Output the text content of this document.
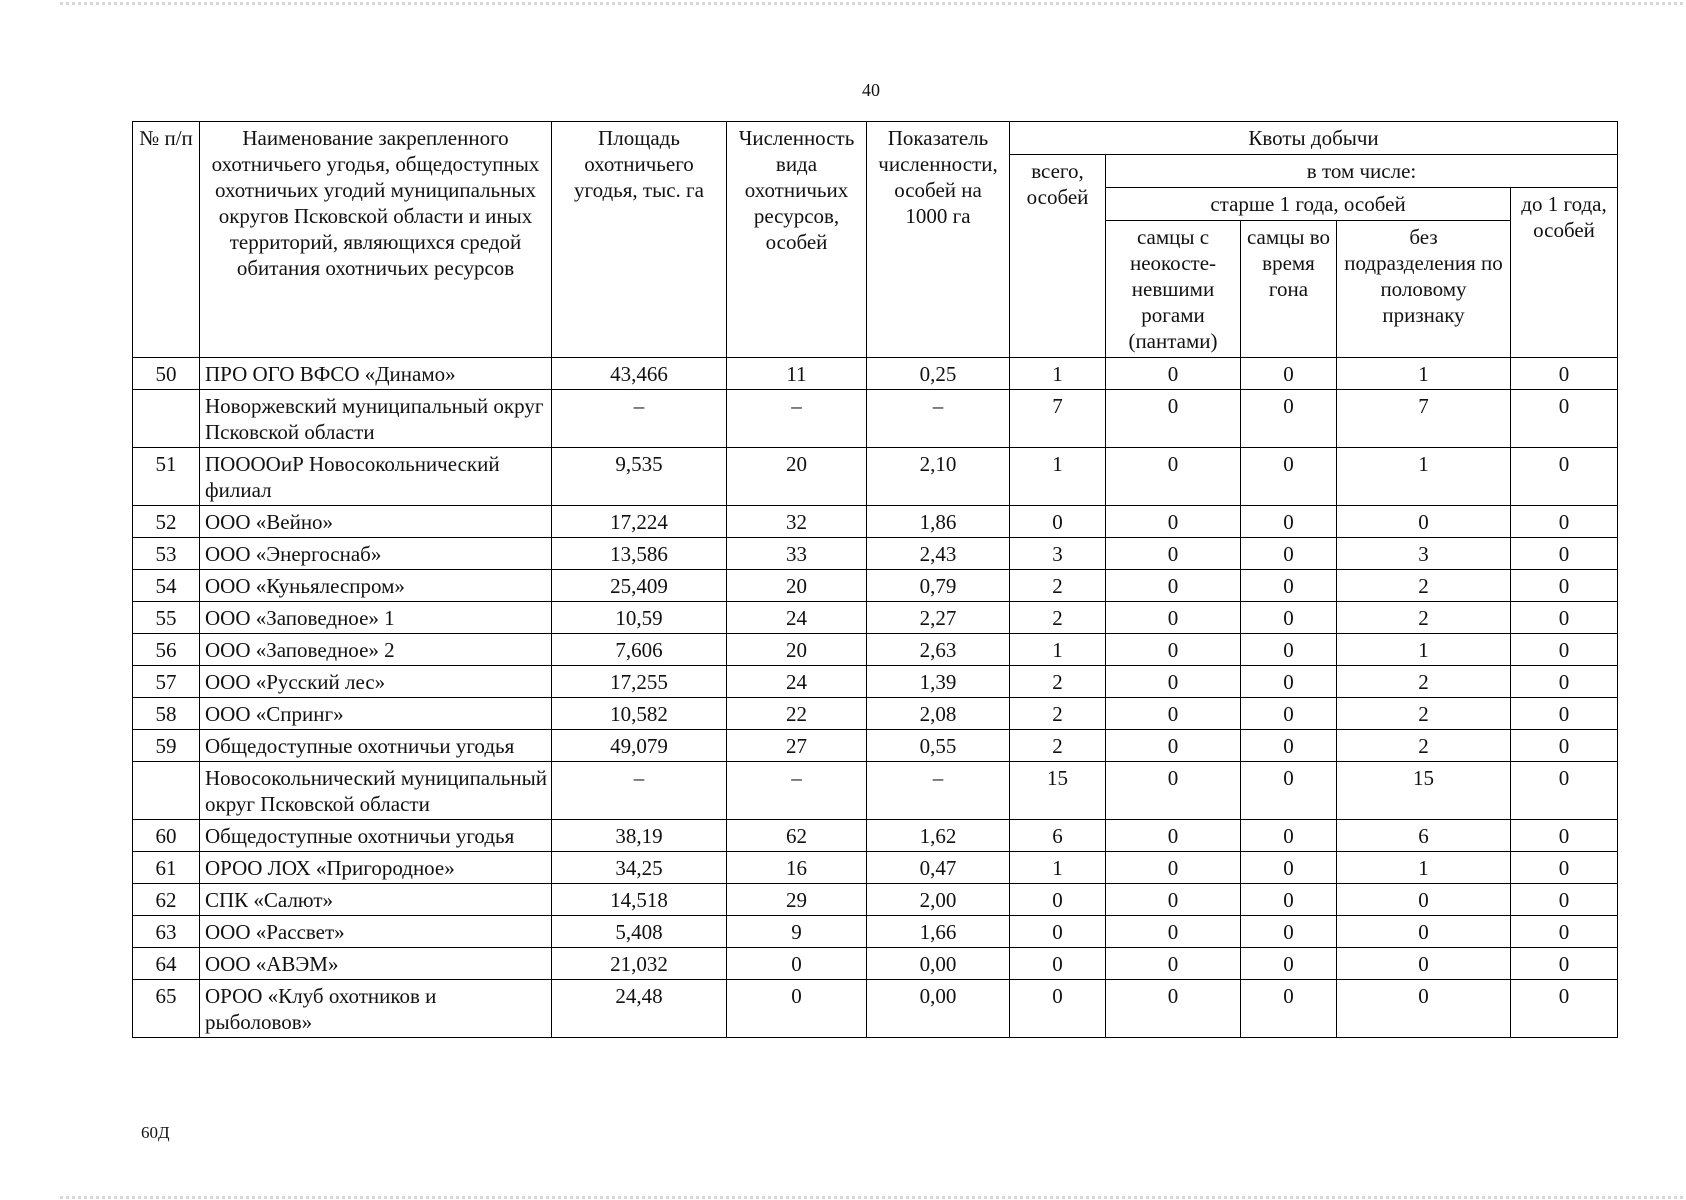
40
№ п/п	Наименование закрепленного охотничьего угодья, общедоступных охотничьих угодий муниципальных округов Псковской области и иных территорий, являющихся средой обитания охотничьих ресурсов	Площадь охотничьего угодья, тыс. га	Численность вида охотничьих ресурсов, особей	Показатель численности, особей на 1000 га	Квоты добычи				
					всего, особей	в том числе:			
						старше 1 года, особей			до 1 года, особей
						самцы с неокосте-невшими рогами (пантами)	самцы во время гона	без подразделения по половому признаку	
50	ПРО ОГО ВФСО «Динамо»	43,466	11	0,25	1	0	0	1	0
	Новоржевский муниципальный округ Псковской области	–	–	–	7	0	0	7	0
51	ПООООиР Новосокольнический филиал	9,535	20	2,10	1	0	0	1	0
52	ООО «Вейно»	17,224	32	1,86	0	0	0	0	0
53	ООО «Энергоснаб»	13,586	33	2,43	3	0	0	3	0
54	ООО «Куньялеспром»	25,409	20	0,79	2	0	0	2	0
55	ООО «Заповедное» 1	10,59	24	2,27	2	0	0	2	0
56	ООО «Заповедное» 2	7,606	20	2,63	1	0	0	1	0
57	ООО «Русский лес»	17,255	24	1,39	2	0	0	2	0
58	ООО «Спринг»	10,582	22	2,08	2	0	0	2	0
59	Общедоступные охотничьи угодья	49,079	27	0,55	2	0	0	2	0
	Новосокольнический муниципальный округ Псковской области	–	–	–	15	0	0	15	0
60	Общедоступные охотничьи угодья	38,19	62	1,62	6	0	0	6	0
61	ОРОО ЛОХ «Пригородное»	34,25	16	0,47	1	0	0	1	0
62	СПК «Салют»	14,518	29	2,00	0	0	0	0	0
63	ООО «Рассвет»	5,408	9	1,66	0	0	0	0	0
64	ООО «АВЭМ»	21,032	0	0,00	0	0	0	0	0
65	ОРОО «Клуб охотников и рыболовов»	24,48	0	0,00	0	0	0	0	0
60Д
